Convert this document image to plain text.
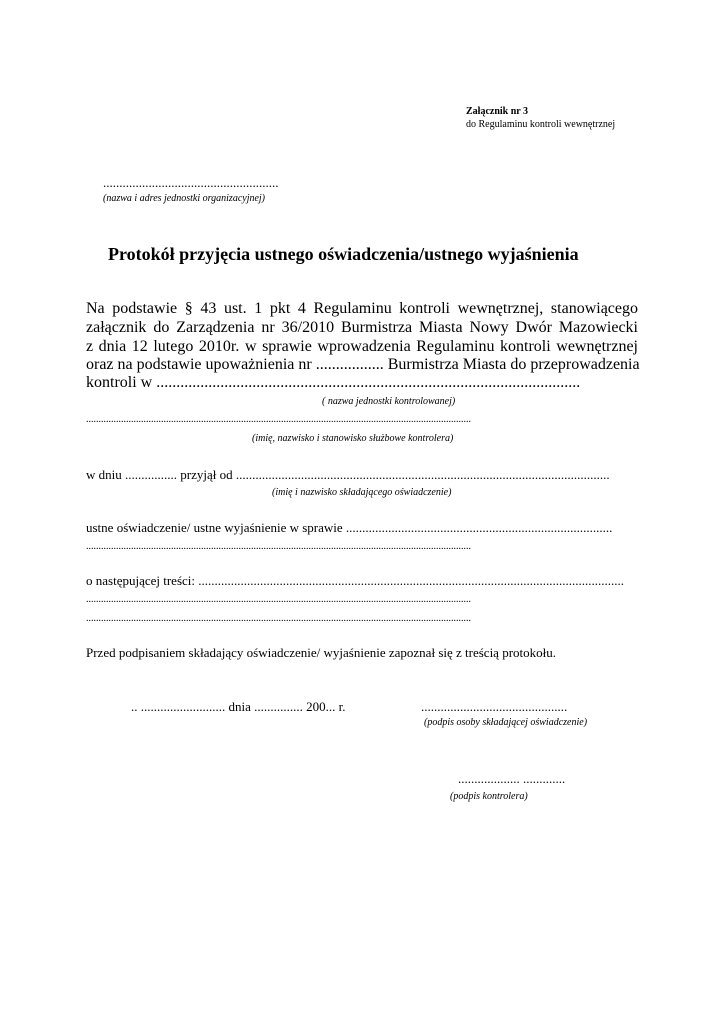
Załącznik nr 3
do Regulaminu kontroli wewnętrznej
......................................................
(nazwa i adres jednostki organizacyjnej)
Protokół przyjęcia ustnego oświadczenia/ustnego wyjaśnienia
Na podstawie § 43 ust. 1 pkt 4 Regulaminu kontroli wewnętrznej, stanowiącego
załącznik do Zarządzenia nr 36/2010 Burmistrza Miasta Nowy Dwór Mazowiecki
z dnia 12 lutego 2010r. w sprawie wprowadzenia Regulaminu kontroli wewnętrznej
oraz na podstawie upoważnienia nr ................. Burmistrza Miasta do przeprowadzenia
kontroli w ..........................................................................................................
( nazwa jednostki kontrolowanej)
..........................................................................................................................................................
(imię, nazwisko i stanowisko służbowe kontrolera)
w dniu ................ przyjął od ...................................................................................................................
(imię i nazwisko składającego oświadczenie)
ustne oświadczenie/ ustne wyjaśnienie w sprawie ..................................................................................
..........................................................................................................................................................
o następującej treści: ...................................................................................................................................
..........................................................................................................................................................
..........................................................................................................................................................
Przed podpisaniem składający oświadczenie/ wyjaśnienie zapoznał się z treścią protokołu.
.. .......................... dnia ............... 200... r.	.............................................
(podpis osoby składającej oświadczenie)
................... .............
(podpis kontrolera)
